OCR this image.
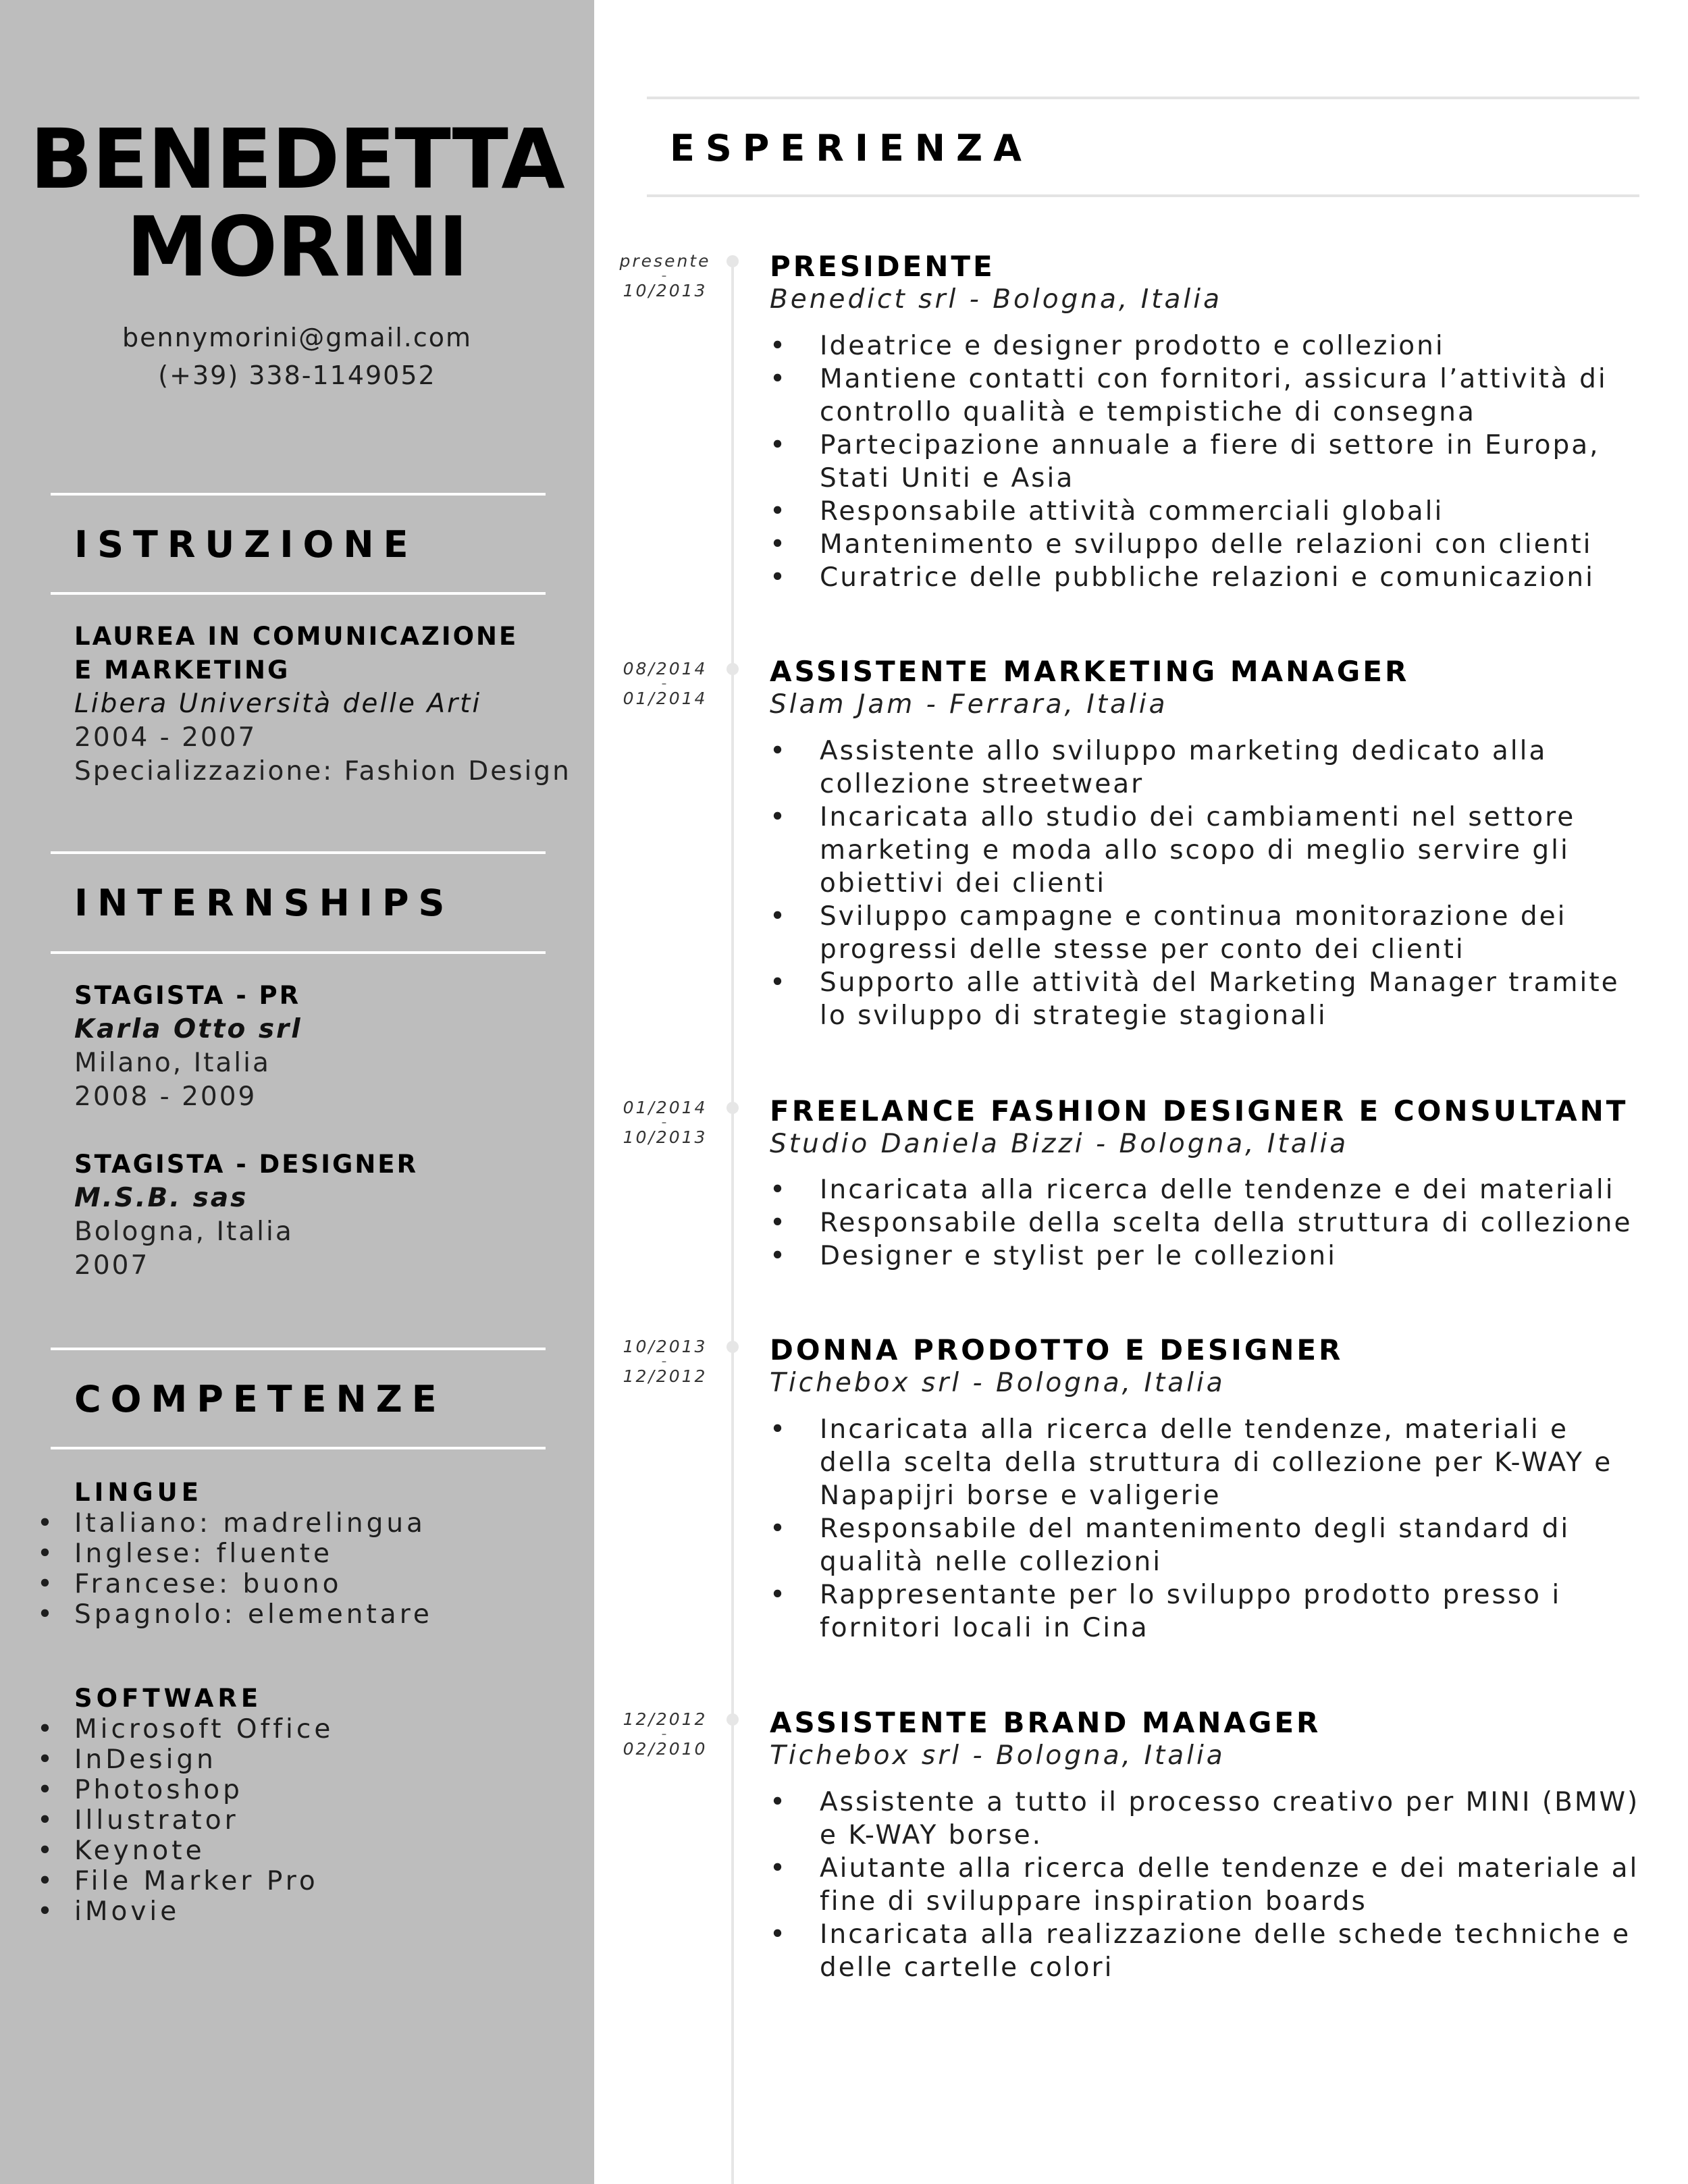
BENEDETTA
MORINI
bennymorini@gmail.com
(+39) 338-1149052
ISTRUZIONE
LAUREA IN COMUNICAZIONE
E MARKETING
Libera Università delle Arti
2004 - 2007
Specializzazione: Fashion Design
INTERNSHIPS
STAGISTA - PR
Karla Otto srl
Milano, Italia
2008 - 2009
STAGISTA - DESIGNER
M.S.B. sas
Bologna, Italia
2007
COMPETENZE
LINGUE
• Italiano: madrelingua
• Inglese: fluente
• Francese: buono
• Spagnolo: elementare
SOFTWARE
• Microsoft Office
• InDesign
• Photoshop
• Illustrator
• Keynote
• File Marker Pro
• iMovie
ESPERIENZA
presente
-
10/2013
PRESIDENTE
Benedict srl - Bologna, Italia
• Ideatrice e designer prodotto e collezioni
• Mantiene contatti con fornitori, assicura l’attività di controllo qualità e tempistiche di consegna
• Partecipazione annuale a fiere di settore in Europa, Stati Uniti e Asia
• Responsabile attività commerciali globali
• Mantenimento e sviluppo delle relazioni con clienti
• Curatrice delle pubbliche relazioni e comunicazioni
08/2014
-
01/2014
ASSISTENTE MARKETING MANAGER
Slam Jam - Ferrara, Italia
• Assistente allo sviluppo marketing dedicato alla collezione streetwear
• Incaricata allo studio dei cambiamenti nel settore marketing e moda allo scopo di meglio servire gli obiettivi dei clienti
• Sviluppo campagne e continua monitorazione dei progressi delle stesse per conto dei clienti
• Supporto alle attività del Marketing Manager tramite lo sviluppo di strategie stagionali
01/2014
-
10/2013
FREELANCE FASHION DESIGNER E CONSULTANT
Studio Daniela Bizzi - Bologna, Italia
• Incaricata alla ricerca delle tendenze e dei materiali
• Responsabile della scelta della struttura di collezione
• Designer e stylist per le collezioni
10/2013
-
12/2012
DONNA PRODOTTO E DESIGNER
Tichebox srl - Bologna, Italia
• Incaricata alla ricerca delle tendenze, materiali e della scelta della struttura di collezione per K-WAY e Napapijri borse e valigerie
• Responsabile del mantenimento degli standard di qualità nelle collezioni
• Rappresentante per lo sviluppo prodotto presso i fornitori locali in Cina
12/2012
-
02/2010
ASSISTENTE BRAND MANAGER
Tichebox srl - Bologna, Italia
• Assistente a tutto il processo creativo per MINI (BMW) e K-WAY borse.
• Aiutante alla ricerca delle tendenze e dei materiale al fine di sviluppare inspiration boards
• Incaricata alla realizzazione delle schede techniche e delle cartelle colori
